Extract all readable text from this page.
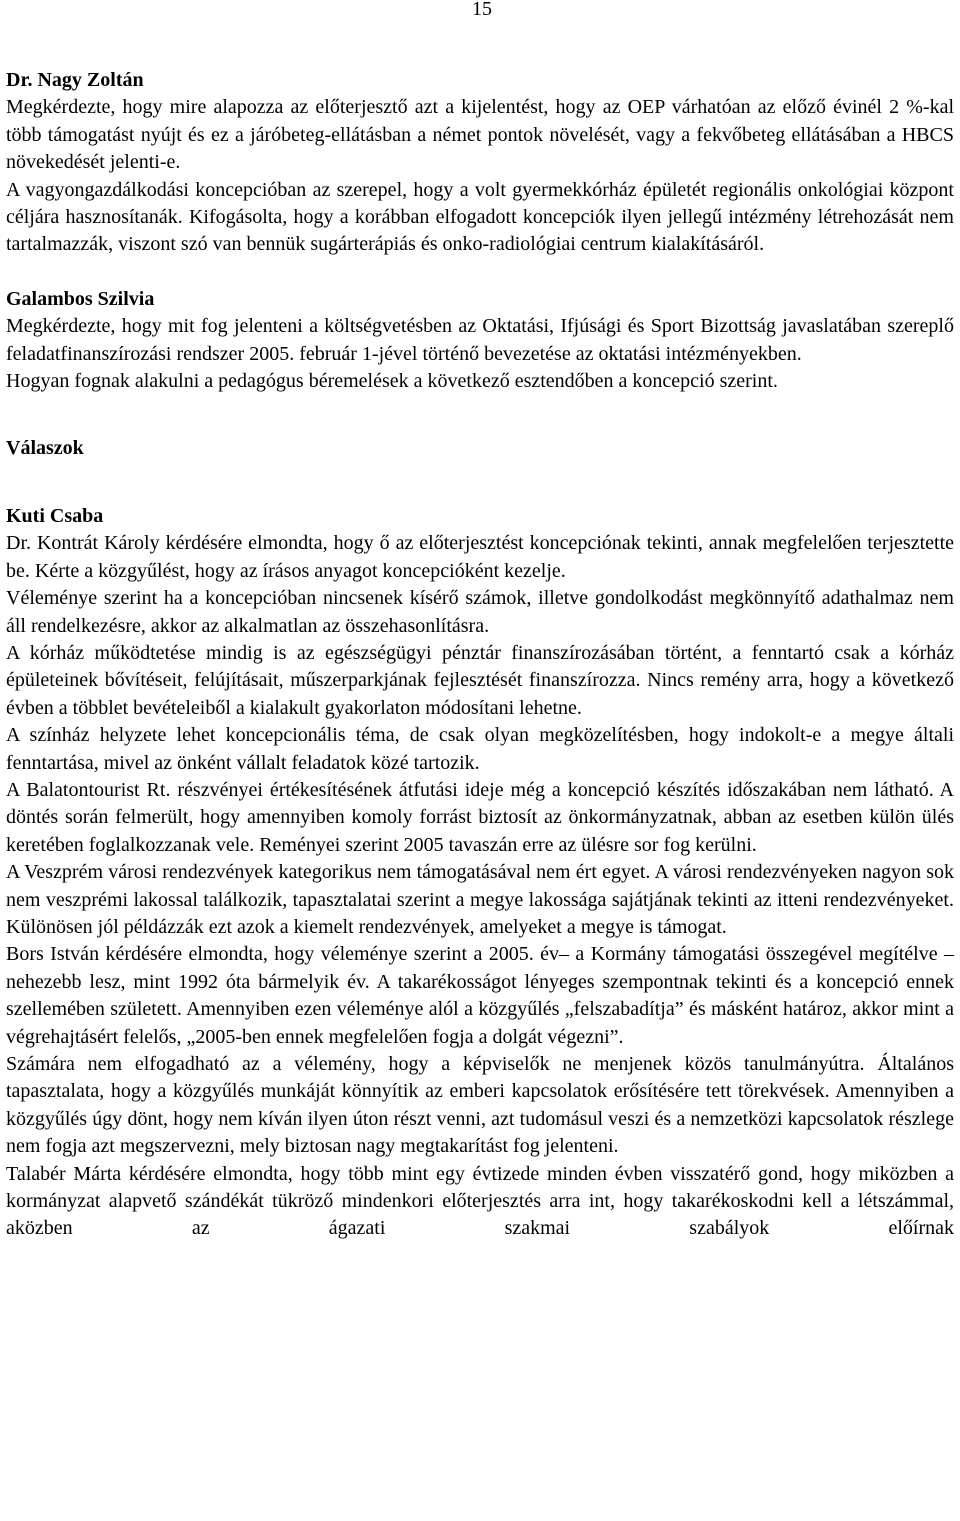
15
Dr. Nagy Zoltán

Megkérdezte, hogy mire alapozza az előterjesztő azt a kijelentést, hogy az OEP várhatóan az előző évinél 2 %-kal több támogatást nyújt és ez a járóbeteg-ellátásban a német pontok növelését, vagy a fekvőbeteg ellátásában a HBCS növekedését jelenti-e.

A vagyongazdálkodási koncepcióban az szerepel, hogy a volt gyermekkórház épületét regionális onkológiai központ céljára hasznosítanák. Kifogásolta, hogy a korábban elfogadott koncepciók ilyen jellegű intézmény létrehozását nem tartalmazzák, viszont szó van bennük sugárterápiás és onko-radiológiai centrum kialakításáról.

Galambos Szilvia

Megkérdezte, hogy mit fog jelenteni a költségvetésben az Oktatási, Ifjúsági és Sport Bizottság javaslatában szereplő feladatfinanszírozási rendszer 2005. február 1-jével történő bevezetése az oktatási intézményekben.

Hogyan fognak alakulni a pedagógus béremelések a következő esztendőben a koncepció szerint.

Válaszok
Kuti Csaba

Dr. Kontrát Károly kérdésére elmondta, hogy ő az előterjesztést koncepciónak tekinti, annak megfelelően terjesztette be. Kérte a közgyűlést, hogy az írásos anyagot koncepcióként kezelje.

Véleménye szerint ha a koncepcióban nincsenek kísérő számok, illetve gondolkodást megkönnyítő adathalmaz nem áll rendelkezésre, akkor az alkalmatlan az összehasonlításra.

A kórház működtetése mindig is az egészségügyi pénztár finanszírozásában történt, a fenntartó csak a kórház épületeinek bővítéseit, felújításait, műszerparkjának fejlesztését finanszírozza. Nincs remény arra, hogy a következő évben a többlet bevételeiből a kialakult gyakorlaton módosítani lehetne.

A színház helyzete lehet koncepcionális téma, de csak olyan megközelítésben, hogy indokolt-e a megye általi fenntartása, mivel az önként vállalt feladatok közé tartozik.

A Balatontourist Rt. részvényei értékesítésének átfutási ideje még a koncepció készítés időszakában nem látható. A döntés során felmerült, hogy amennyiben komoly forrást biztosít az önkormányzatnak, abban az esetben külön ülés keretében foglalkozzanak vele. Reményei szerint 2005 tavaszán erre az ülésre sor fog kerülni.

A Veszprém városi rendezvények kategorikus nem támogatásával nem ért egyet. A városi rendezvényeken nagyon sok nem veszprémi lakossal találkozik, tapasztalatai szerint a megye lakossága sajátjának tekinti az itteni rendezvényeket. Különösen jól példázzák ezt azok a kiemelt rendezvények, amelyeket a megye is támogat.

Bors István kérdésére elmondta, hogy véleménye szerint a 2005. év– a Kormány támogatási összegével megítélve – nehezebb lesz, mint 1992 óta bármelyik év. A takarékosságot lényeges szempontnak tekinti és a koncepció ennek szellemében született. Amennyiben ezen véleménye alól a közgyűlés „felszabadítja” és másként határoz, akkor mint a végrehajtásért felelős, „2005-ben ennek megfelelően fogja a dolgát végezni”.

Számára nem elfogadható az a vélemény, hogy a képviselők ne menjenek közös tanulmányútra. Általános tapasztalata, hogy a közgyűlés munkáját könnyítik az emberi kapcsolatok erősítésére tett törekvések. Amennyiben a közgyűlés úgy dönt, hogy nem kíván ilyen úton részt venni, azt tudomásul veszi és a nemzetközi kapcsolatok részlege nem fogja azt megszervezni, mely biztosan nagy megtakarítást fog jelenteni.

Talabér Márta kérdésére elmondta, hogy több mint egy évtizede minden évben visszatérő gond, hogy miközben a kormányzat alapvető szándékát tükröző mindenkori előterjesztés arra int, hogy takarékoskodni kell a létszámmal, aközben az ágazati szakmai szabályok előírnak
